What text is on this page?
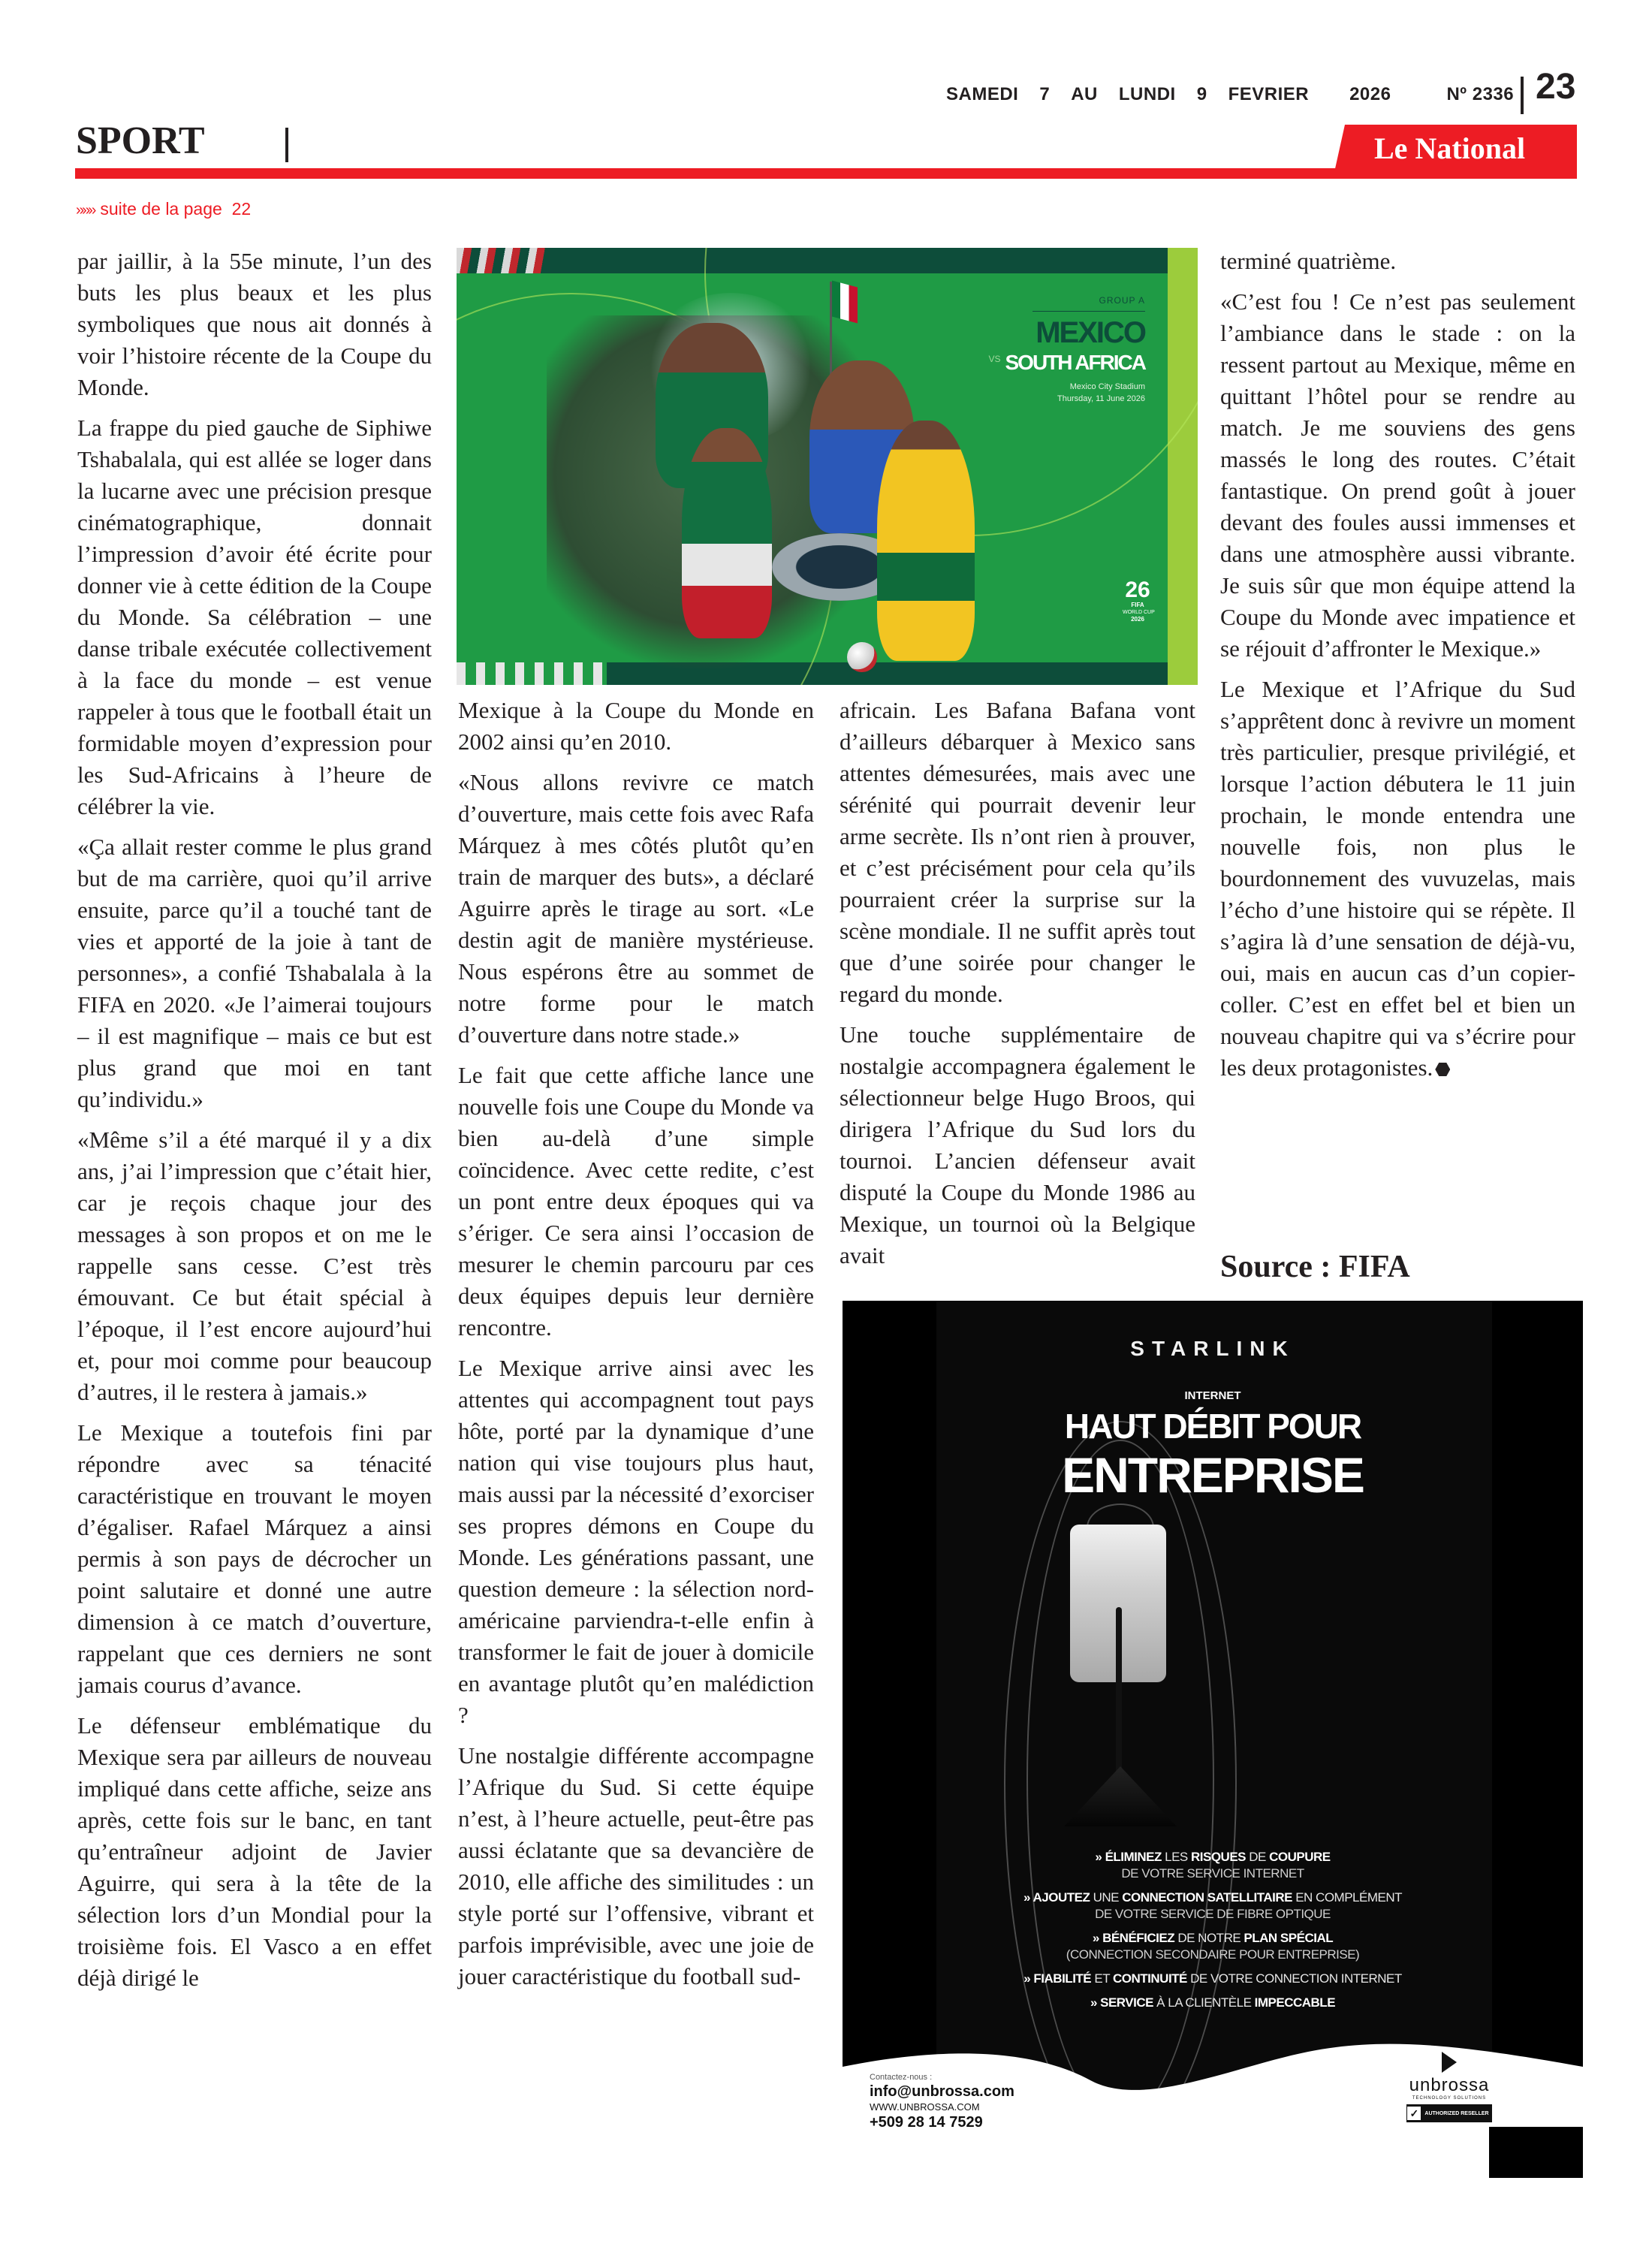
SAMEDI 7 AU LUNDI 9 FEVRIER 2026	Nº 2336 23
SPORT	Le National
»»» suite de la page 22

par jaillir, à la 55e minute, l’un des buts les plus beaux et les plus symboliques que nous ait donnés à voir l’histoire récente de la Coupe du Monde.

La frappe du pied gauche de Siphiwe Tshabalala, qui est allée se loger dans la lucarne avec une précision presque cinématographique, donnait l’impression d’avoir été écrite pour donner vie à cette édition de la Coupe du Monde. Sa célébration – une danse tribale exécutée collectivement à la face du monde – est venue rappeler à tous que le football était un formidable moyen d’expression pour les Sud-Africains à l’heure de célébrer la vie.

«Ça allait rester comme le plus grand but de ma carrière, quoi qu’il arrive ensuite, parce qu’il a touché tant de vies et apporté de la joie à tant de personnes», a confié Tshabalala à la FIFA en 2020. «Je l’aimerai toujours – il est magnifique – mais ce but est plus grand que moi en tant qu’individu.»

«Même s’il a été marqué il y a dix ans, j’ai l’impression que c’était hier, car je reçois chaque jour des messages à son propos et on me le rappelle sans cesse. C’est très émouvant. Ce but était spécial à l’époque, il l’est encore aujourd’hui et, pour moi comme pour beaucoup d’autres, il le restera à jamais.»

Le Mexique a toutefois fini par répondre avec sa ténacité caractéristique en trouvant le moyen d’égaliser. Rafael Márquez a ainsi permis à son pays de décrocher un point salutaire et donné une autre dimension à ce match d’ouverture, rappelant que ces derniers ne sont jamais courus d’avance.

Le défenseur emblématique du Mexique sera par ailleurs de nouveau impliqué dans cette affiche, seize ans après, cette fois sur le banc, en tant qu’entraîneur adjoint de Javier Aguirre, qui sera à la tête de la sélection lors d’un Mondial pour la troisième fois. El Vasco a en effet déjà dirigé le

GROUP A
MEXICO
VS SOUTH AFRICA
Mexico City Stadium
Thursday, 11 June 2026
26
FIFA
WORLD CUP
2026

Mexique à la Coupe du Monde en 2002 ainsi qu’en 2010.

«Nous allons revivre ce match d’ouverture, mais cette fois avec Rafa Márquez à mes côtés plutôt qu’en train de marquer des buts», a déclaré Aguirre après le tirage au sort. «Le destin agit de manière mystérieuse. Nous espérons être au sommet de notre forme pour le match d’ouverture dans notre stade.»

Le fait que cette affiche lance une nouvelle fois une Coupe du Monde va bien au-delà d’une simple coïncidence. Avec cette redite, c’est un pont entre deux époques qui va s’ériger. Ce sera ainsi l’occasion de mesurer le chemin parcouru par ces deux équipes depuis leur dernière rencontre.

Le Mexique arrive ainsi avec les attentes qui accompagnent tout pays hôte, porté par la dynamique d’une nation qui vise toujours plus haut, mais aussi par la nécessité d’exorciser ses propres démons en Coupe du Monde. Les générations passant, une question demeure : la sélection nord-américaine parviendra-t-elle enfin à transformer le fait de jouer à domicile en avantage plutôt qu’en malédiction ?

Une nostalgie différente accompagne l’Afrique du Sud. Si cette équipe n’est, à l’heure actuelle, peut-être pas aussi éclatante que sa devancière de 2010, elle affiche des similitudes : un style porté sur l’offensive, vibrant et parfois imprévisible, avec une joie de jouer caractéristique du football sud-

africain. Les Bafana Bafana vont d’ailleurs débarquer à Mexico sans attentes démesurées, mais avec une sérénité qui pourrait devenir leur arme secrète. Ils n’ont rien à prouver, et c’est précisément pour cela qu’ils pourraient créer la surprise sur la scène mondiale. Il ne suffit après tout que d’une soirée pour changer le regard du monde.

Une touche supplémentaire de nostalgie accompagnera également le sélectionneur belge Hugo Broos, qui dirigera l’Afrique du Sud lors du tournoi. L’ancien défenseur avait disputé la Coupe du Monde 1986 au Mexique, un tournoi où la Belgique avait

terminé quatrième.

«C’est fou ! Ce n’est pas seulement l’ambiance dans le stade : on la ressent partout au Mexique, même en quittant l’hôtel pour se rendre au match. Je me souviens des gens massés le long des routes. C’était fantastique. On prend goût à jouer devant des foules aussi immenses et dans une atmosphère aussi vibrante. Je suis sûr que mon équipe attend la Coupe du Monde avec impatience et se réjouit d’affronter le Mexique.»

Le Mexique et l’Afrique du Sud s’apprêtent donc à revivre un moment très particulier, presque privilégié, et lorsque l’action débutera le 11 juin prochain, le monde entendra une nouvelle fois, non plus le bourdonnement des vuvuzelas, mais l’écho d’une histoire qui se répète. Il s’agira là d’une sensation de déjà-vu, oui, mais en aucun cas d’un copier-coller. C’est en effet bel et bien un nouveau chapitre qui va s’écrire pour les deux protagonistes.

Source : FIFA
STARLINK
INTERNET
HAUT DÉBIT POUR
ENTREPRISE
» ÉLIMINEZ LES RISQUES DE COUPURE
DE VOTRE SERVICE INTERNET
» AJOUTEZ UNE CONNECTION SATELLITAIRE EN COMPLÉMENT
DE VOTRE SERVICE DE FIBRE OPTIQUE
» BÉNÉFICIEZ DE NOTRE PLAN SPÉCIAL
(CONNECTION SECONDAIRE POUR ENTREPRISE)
» FIABILITÉ ET CONTINUITÉ DE VOTRE CONNECTION INTERNET
» SERVICE À LA CLIENTÈLE IMPECCABLE
Contactez-nous :
info@unbrossa.com
WWW.UNBROSSA.COM
+509 28 14 7529
unbrossa
TECHNOLOGY SOLUTIONS
✓	AUTHORIZED RESELLER
